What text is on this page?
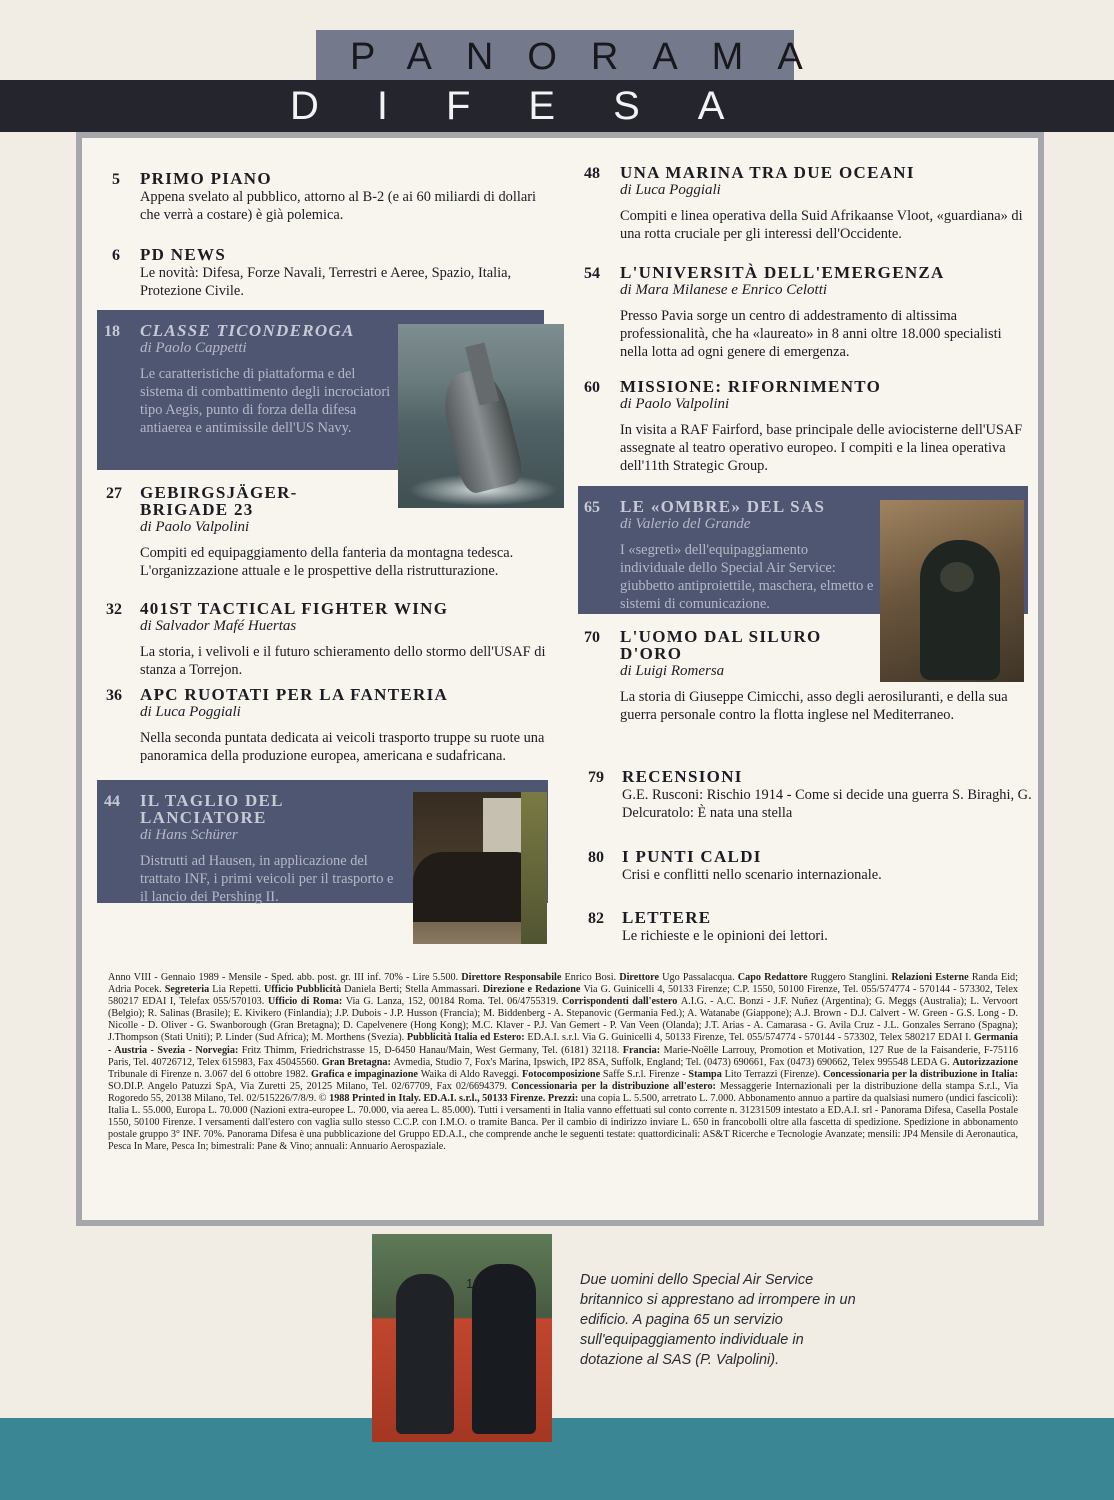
PANORAMA
DIFESA
5 PRIMO PIANO
Appena svelato al pubblico, attorno al B-2 (e ai 60 miliardi di dollari che verrà a costare) è già polemica.
6 PD NEWS
Le novità: Difesa, Forze Navali, Terrestri e Aeree, Spazio, Italia, Protezione Civile.
18 CLASSE TICONDEROGA
di Paolo Cappetti
Le caratteristiche di piattaforma e del sistema di combattimento degli incrociatori tipo Aegis, punto di forza della difesa antiaerea e antimissile dell'US Navy.
27 GEBIRGSJÄGER-BRIGADE 23
di Paolo Valpolini
Compiti ed equipaggiamento della fanteria da montagna tedesca. L'organizzazione attuale e le prospettive della ristrutturazione.
32 401ST TACTICAL FIGHTER WING
di Salvador Mafé Huertas
La storia, i velivoli e il futuro schieramento dello stormo dell'USAF di stanza a Torrejon.
36 APC RUOTATI PER LA FANTERIA
di Luca Poggiali
Nella seconda puntata dedicata ai veicoli trasporto truppe su ruote una panoramica della produzione europea, americana e sudafricana.
44 IL TAGLIO DEL LANCIATORE
di Hans Schürer
Distrutti ad Hausen, in applicazione del trattato INF, i primi veicoli per il trasporto e il lancio dei Pershing II.
48 UNA MARINA TRA DUE OCEANI
di Luca Poggiali
Compiti e linea operativa della Suid Afrikaanse Vloot, «guardiana» di una rotta cruciale per gli interessi dell'Occidente.
54 L'UNIVERSITÀ DELL'EMERGENZA
di Mara Milanese e Enrico Celotti
Presso Pavia sorge un centro di addestramento di altissima professionalità, che ha «laureato» in 8 anni oltre 18.000 specialisti nella lotta ad ogni genere di emergenza.
60 MISSIONE: RIFORNIMENTO
di Paolo Valpolini
In visita a RAF Fairford, base principale delle aviocisterne dell'USAF assegnate al teatro operativo europeo. I compiti e la linea operativa dell'11th Strategic Group.
65 LE «OMBRE» DEL SAS
di Valerio del Grande
I «segreti» dell'equipaggiamento individuale dello Special Air Service: giubbetto antiproiettile, maschera, elmetto e sistemi di comunicazione.
70 L'UOMO DAL SILURO D'ORO
di Luigi Romersa
La storia di Giuseppe Cimicchi, asso degli aerosiluranti, e della sua guerra personale contro la flotta inglese nel Mediterraneo.
79 RECENSIONI
G.E. Rusconi: Rischio 1914 - Come si decide una guerra S. Biraghi, G. Delcuratolo: È nata una stella
80 I PUNTI CALDI
Crisi e conflitti nello scenario internazionale.
82 LETTERE
Le richieste e le opinioni dei lettori.
Anno VIII - Gennaio 1989 - Mensile - Sped. abb. post. gr. III inf. 70% - Lire 5.500. Direttore Responsabile Enrico Bosi. Direttore Ugo Passalacqua. Capo Redattore Ruggero Stanglini. Relazioni Esterne Randa Eid; Adria Pocek. Segreteria Lia Repetti. Ufficio Pubblicità Daniela Berti; Stella Ammassari. Direzione e Redazione Via G. Guinicelli 4, 50133 Firenze; C.P. 1550, 50100 Firenze, Tel. 055/574774 - 570144 - 573302, Telex 580217 EDAI I, Telefax 055/570103. Ufficio di Roma: Via G. Lanza, 152, 00184 Roma. Tel. 06/4755319. Corrispondenti dall'estero A.I.G. - A.C. Bonzi - J.F. Nuñez (Argentina); G. Meggs (Australia); L. Vervoort (Belgio); R. Salinas (Brasile); E. Kivikero (Finlandia); J.P. Dubois - J.P. Husson (Francia); M. Biddenberg - A. Stepanovic (Germania Fed.); A. Watanabe (Giappone); A.J. Brown - D.J. Calvert - W. Green - G.S. Long - D. Nicolle - D. Oliver - G. Swanborough (Gran Bretagna); D. Capelvenere (Hong Kong); M.C. Klaver - P.J. Van Gemert - P. Van Veen (Olanda); J.T. Arias - A. Camarasa - G. Avila Cruz - J.L. Gonzales Serrano (Spagna); J.Thompson (Stati Uniti); P. Linder (Sud Africa); M. Morthens (Svezia). Pubblicità Italia ed Estero: ED.A.I. s.r.l. Via G. Guinicelli 4, 50133 Firenze, Tel. 055/574774 - 570144 - 573302, Telex 580217 EDAI I. Germania - Austria - Svezia - Norvegia: Fritz Thimm, Friedrichstrasse 15, D-6450 Hanau/Main, West Germany, Tel. (6181) 32118. Francia: Marie-Noëlle Larrouy, Promotion et Motivation, 127 Rue de la Faisanderie, F-75116 Paris, Tel. 40726712, Telex 615983, Fax 45045560. Gran Bretagna: Avmedia, Studio 7, Fox's Marina, Ipswich, IP2 8SA, Suffolk, England; Tel. (0473) 690661, Fax (0473) 690662, Telex 995548 LEDA G. Autorizzazione Tribunale di Firenze n. 3.067 del 6 ottobre 1982. Grafica e impaginazione Waika di Aldo Raveggi. Fotocomposizione Saffe S.r.l. Firenze - Stampa Lito Terrazzi (Firenze). Concessionaria per la distribuzione in Italia: SO.DI.P. Angelo Patuzzi SpA, Via Zuretti 25, 20125 Milano, Tel. 02/67709, Fax 02/6694379. Concessionaria per la distribuzione all'estero: Messaggerie Internazionali per la distribuzione della stampa S.r.l., Via Rogoredo 55, 20138 Milano, Tel. 02/515226/7/8/9. © 1988 Printed in Italy. ED.A.I. s.r.l., 50133 Firenze. Prezzi: una copia L. 5.500, arretrato L. 7.000. Abbonamento annuo a partire da qualsiasi numero (undici fascicoli): Italia L. 55.000, Europa L. 70.000 (Nazioni extra-europee L. 70.000, via aerea L. 85.000). Tutti i versamenti in Italia vanno effettuati sul conto corrente n. 31231509 intestato a ED.A.I. srl - Panorama Difesa, Casella Postale 1550, 50100 Firenze. I versamenti dall'estero con vaglia sullo stesso C.C.P. con I.M.O. o tramite Banca. Per il cambio di indirizzo inviare L. 650 in francobolli oltre alla fascetta di spedizione. Spedizione in abbonamento postale gruppo 3° INF. 70%. Panorama Difesa è una pubblicazione del Gruppo ED.A.I., che comprende anche le seguenti testate: quattordicinali: AS&T Ricerche e Tecnologie Avanzate; mensili: JP4 Mensile di Aeronautica, Pesca In Mare, Pesca In; bimestrali: Pane & Vino; annuali: Annuario Aerospaziale.
10	Due uomini dello Special Air Service britannico si apprestano ad irrompere in un edificio. A pagina 65 un servizio sull'equipaggiamento individuale in dotazione al SAS (P. Valpolini).
